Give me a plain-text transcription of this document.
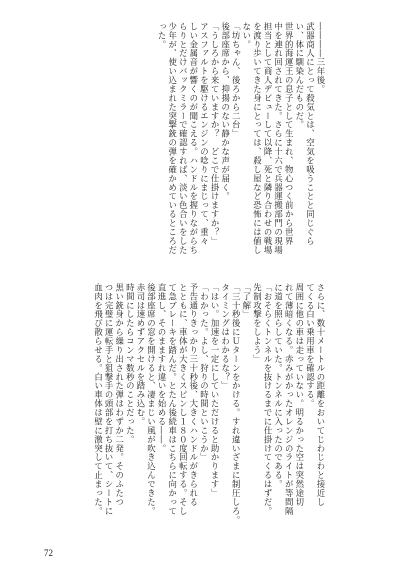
――――三年後。

武器商人にとって殺気とは、空気を吸うことと同じぐら

い、体に馴染んだものだ。

世界的海運王の息子として生まれ、物心つく前から世界

中を連れ回されてきた。さらに十六で兵器運搬部門の現場

担当として商人デビューして以降、死と隣り合わせの戦場

を渡り歩いてきた身にとっては、殺し屋など恐怖には値し

ない。

「坊ちゃん、後ろから二台」

後部座席から、抑揚のない静かな声が届く。

「うしろから来ていますか？　どこで仕掛けますか？」

アスファルトを駆けるエンジンの唸りにまじって、重々

しい金属音が響くのが聞こえる。ハンドルを握りながらち

らりとだけバックミラーで確認すれば、淡い色合いをした

少年が、使い込まれた突撃銃の弾を確かめているところだ

った。

さらに、数十メートルの距離をおいてじわじわと接近し

てくる白い乗用車を確認する。

周囲に他の車は走っていない。明るかった空は突然途切

れて薄暗くなる。赤みがかったオレンジのライトが等間隔

に道を照らしていた。トンネルに入ったのである。

「おそらくトンネルを抜けるまでに仕掛けてくるはずだ。

先制攻撃をしよう」

「了解」

「三十秒後にＵターンをかける。すれ違いざまに制圧しろ。

タイミングはわかるな？」

「はい。加速を一定にしていただけると助かります」

「わかった。よし、狩りの時間といこうか」

予告通りきっかり三十秒後、大きくハンドルがきられる

とともに、車体が大きくスピンし１８０度回転する。そし

て急ブレーキを踏んだ。とたん後続車はこちらに向かって

直進し、そのまますれ違いを始める――。

後部座席の窓を開けると、凄まじい風が吹き込んできた。

赤司は速めずアクセルを踏み込む。

時間にしたらコンマ数秒のことだった。

黒い銃身から繰り出された弾はわずか二発。そのふたつ

つは完璧に運転手と狙撃手の頭部を打ち抜いて、シートに

血肉を飛び散らせる。白い車体は壁に激突して止まった。

72
